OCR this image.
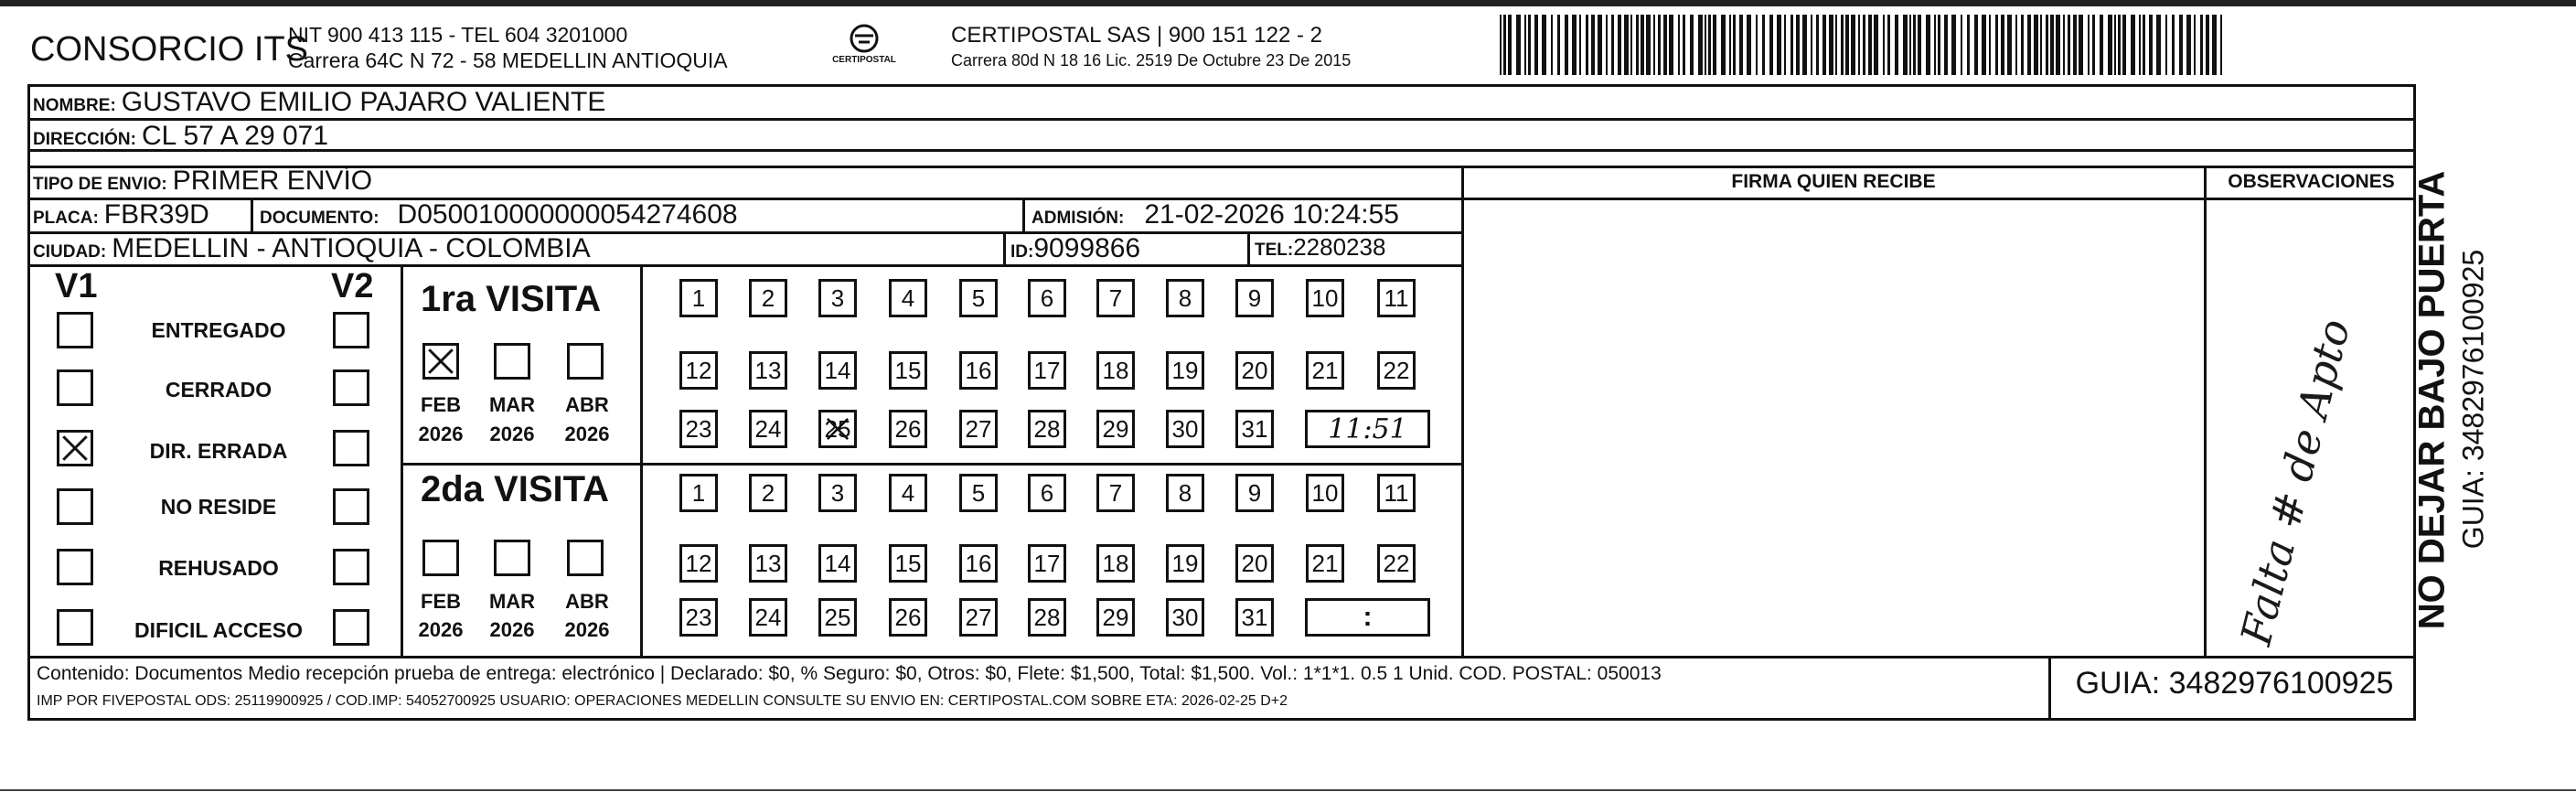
CONSORCIO ITS
NIT 900 413 115 - TEL 604 3201000
Carrera 64C N 72 - 58 MEDELLIN ANTIOQUIA	CERTIPOSTAL
CERTIPOSTAL SAS | 900 151 122 - 2
Carrera 80d N 18 16 Lic. 2519 De Octubre 23 De 2015
NOMBRE: GUSTAVO EMILIO PAJARO VALIENTE
DIRECCIÓN: CL 57 A 29 071
TIPO DE ENVIO: PRIMER ENVÍO
PLACA: FBR39D	DOCUMENTO: D050010000000054274608	ADMISIÓN: 21-02-2026 10:24:55
CIUDAD: MEDELLIN - ANTIOQUIA - COLOMBIA	ID: 9099866	TEL: 2280238
FIRMA QUIEN RECIBE	OBSERVACIONES
V1	V2
ENTREGADO
CERRADO
DIR. ERRADA
NO RESIDE
REHUSADO
DIFICIL ACCESO
1ra VISITA
2da VISITA
FEB	MAR ABR
2026 2026 2026
FEB	MAR ABR
2026 2026 2026
1	2	3	4	5	6	7	8	9	10 11
12 13 14 15 16 17 18 19 20 21 22
23 24 25 26 27 28 29 30 31
1	2	3	4	5	6	7	8	9	10 11
12 13 14 15 16 17 18 19 20 21 22
23 24 25 26 27 28 29 30 31
11:51
:	Falta # de Apto
Contenido: Documentos Medio recepción prueba de entrega: electrónico | Declarado: $0, % Seguro: $0, Otros: $0, Flete: $1,500, Total: $1,500. Vol.: 1*1*1. 0.5 1 Unid. COD. POSTAL: 050013
IMP POR FIVEPOSTAL ODS: 25119900925 / COD.IMP: 54052700925 USUARIO: OPERACIONES MEDELLIN CONSULTE SU ENVIO EN: CERTIPOSTAL.COM SOBRE ETA: 2026-02-25 D+2
GUIA: 3482976100925
NO DEJAR BAJO PUERTA GUIA: 3482976100925
